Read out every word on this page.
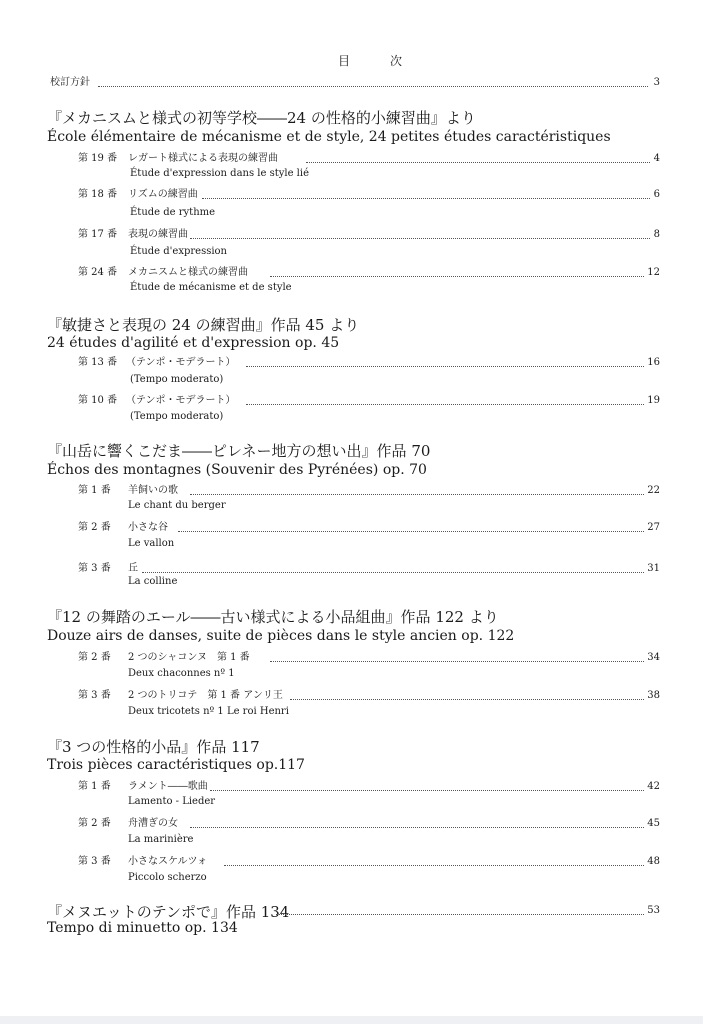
目　次
校訂方針	3
『メカニスムと様式の初等学校――24 の性格的小練習曲』より
École élémentaire de mécanisme et de style, 24 petites études caractéristiques
第 19 番 レガート様式による表現の練習曲	4
Étude d'expression dans le style lié
第 18 番 リズムの練習曲	6
Étude de rythme
第 17 番 表現の練習曲	8
Étude d'expression
第 24 番 メカニスムと様式の練習曲	12
Étude de mécanisme et de style
『敏捷さと表現の 24 の練習曲』作品 45 より
24 études d'agilité et d'expression op. 45
第 13 番 （テンポ・モデラート）	16
(Tempo moderato)
第 10 番 （テンポ・モデラート）	19
(Tempo moderato)
『山岳に響くこだま――ピレネー地方の想い出』作品 70
Échos des montagnes (Souvenir des Pyrénées) op. 70
第 1 番 羊飼いの歌	22
Le chant du berger
第 2 番 小さな谷	27
Le vallon
第 3 番 丘	31
La colline
『12 の舞踏のエール――古い様式による小品組曲』作品 122 より
Douze airs de danses, suite de pièces dans le style ancien op. 122
第 2 番 2 つのシャコンヌ　第 1 番	34
Deux chaconnes nº 1
第 3 番 2 つのトリコテ　第 1 番 アンリ王	38
Deux tricotets nº 1 Le roi Henri
『3 つの性格的小品』作品 117
Trois pièces caractéristiques op.117
第 1 番 ラメント――歌曲	42
Lamento - Lieder
第 2 番 舟漕ぎの女	45
La marinière
第 3 番 小さなスケルツォ	48
Piccolo scherzo
『メヌエットのテンポで』作品 134	53
Tempo di minuetto op. 134
